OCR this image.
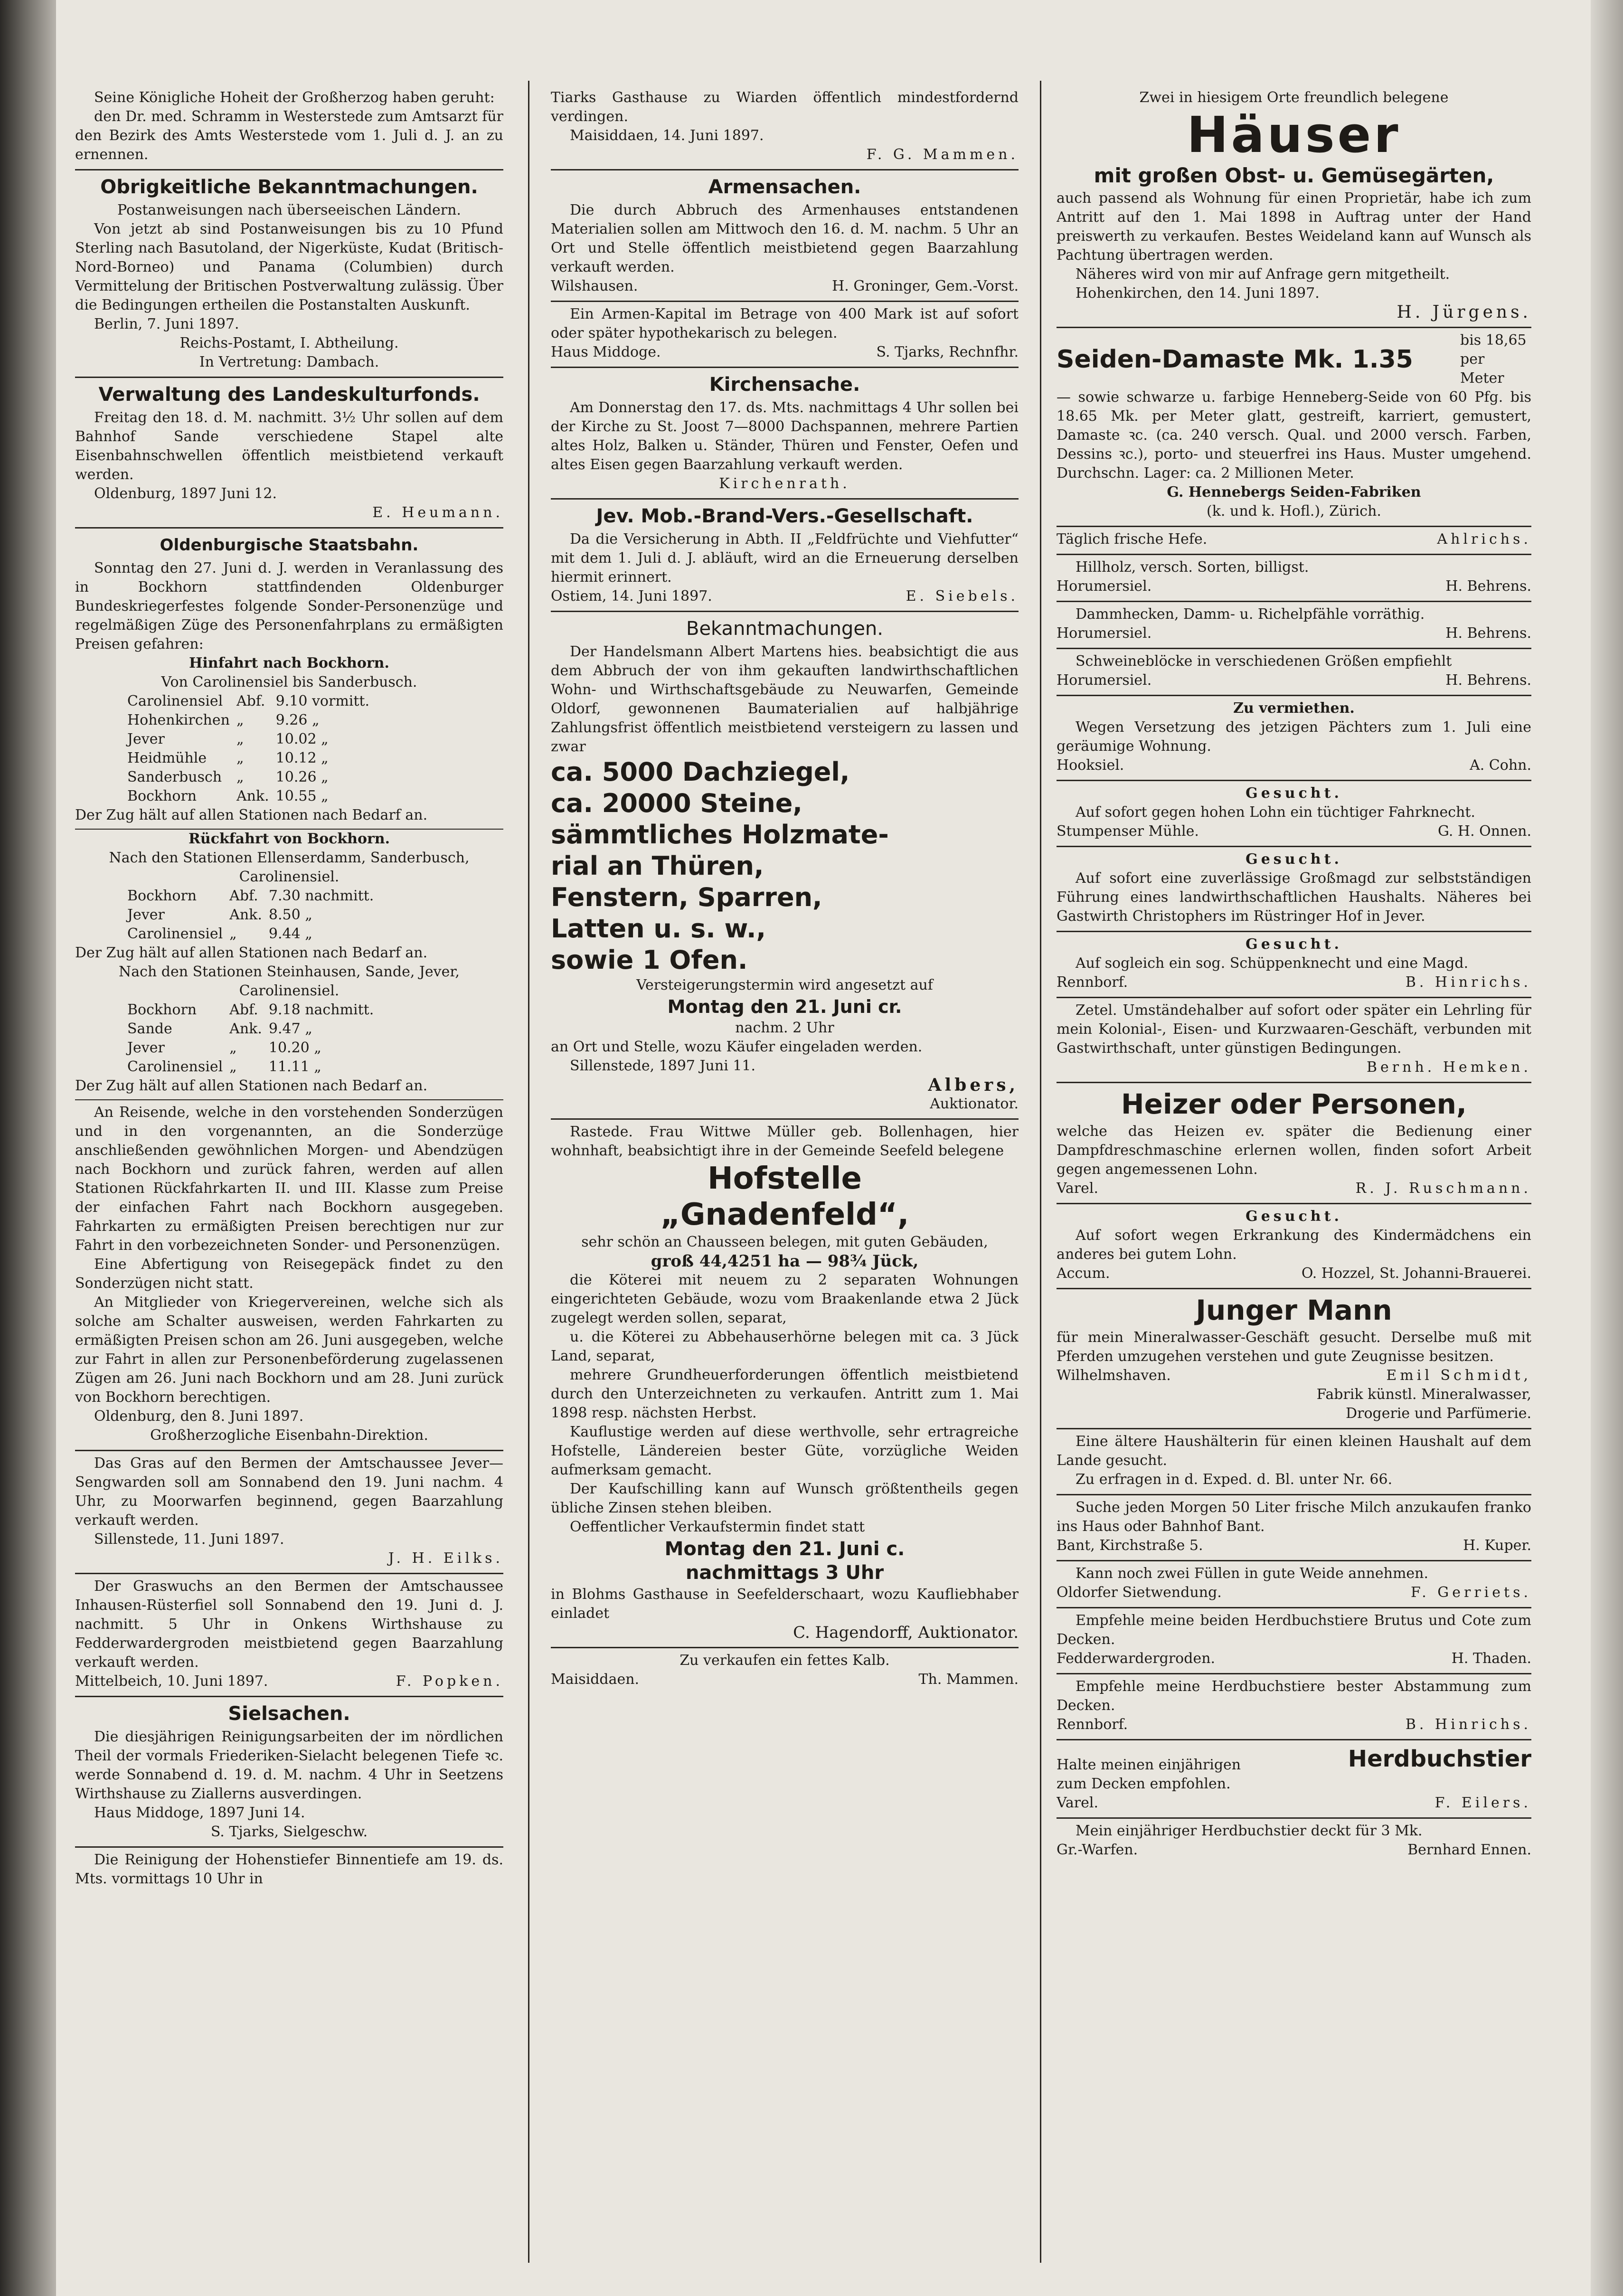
Seine Königliche Hoheit der Großherzog haben geruht:

den Dr. med. Schramm in Westerstede zum Amtsarzt für den Bezirk des Amts Westerstede vom 1. Juli d. J. an zu ernennen.

Obrigkeitliche Bekanntmachungen.

Postanweisungen nach überseeischen Ländern.

Von jetzt ab sind Postanweisungen bis zu 10 Pfund Sterling nach Basutoland, der Nigerküste, Kudat (Britisch-Nord-Borneo) und Panama (Columbien) durch Vermittelung der Britischen Postverwaltung zulässig. Über die Bedingungen ertheilen die Postanstalten Auskunft.

Berlin, 7. Juni 1897.

Reichs-Postamt, I. Abtheilung.

In Vertretung: Dambach.

Verwaltung des Landeskulturfonds.

Freitag den 18. d. M. nachmitt. 3½ Uhr sollen auf dem Bahnhof Sande verschiedene Stapel alte Eisenbahnschwellen öffentlich meistbietend verkauft werden.

Oldenburg, 1897 Juni 12.

E. Heumann.

Oldenburgische Staatsbahn.

Sonntag den 27. Juni d. J. werden in Veranlassung des in Bockhorn stattfindenden Oldenburger Bundeskriegerfestes folgende Sonder-Personenzüge und regelmäßigen Züge des Personenfahrplans zu ermäßigten Preisen gefahren:

Hinfahrt nach Bockhorn.

Von Carolinensiel bis Sanderbusch.

Carolinensiel	Abf.	9.10 vormitt.
Hohenkirchen	„	9.26 „
Jever	„	10.02 „
Heidmühle	„	10.12 „
Sanderbusch	„	10.26 „
Bockhorn	Ank.	10.55 „

Der Zug hält auf allen Stationen nach Bedarf an.

Rückfahrt von Bockhorn.

Nach den Stationen Ellenserdamm, Sanderbusch, Carolinensiel.

Bockhorn	Abf.	7.30 nachmitt.
Jever	Ank.	8.50 „
Carolinensiel	„	9.44 „

Der Zug hält auf allen Stationen nach Bedarf an.

Nach den Stationen Steinhausen, Sande, Jever, Carolinensiel.

Bockhorn	Abf.	9.18 nachmitt.
Sande	Ank.	9.47 „
Jever	„	10.20 „
Carolinensiel	„	11.11 „

Der Zug hält auf allen Stationen nach Bedarf an.

An Reisende, welche in den vorstehenden Sonderzügen und in den vorgenannten, an die Sonderzüge anschließenden gewöhnlichen Morgen- und Abendzügen nach Bockhorn und zurück fahren, werden auf allen Stationen Rückfahrkarten II. und III. Klasse zum Preise der einfachen Fahrt nach Bockhorn ausgegeben. Fahrkarten zu ermäßigten Preisen berechtigen nur zur Fahrt in den vorbezeichneten Sonder- und Personenzügen.

Eine Abfertigung von Reisegepäck findet zu den Sonderzügen nicht statt.

An Mitglieder von Kriegervereinen, welche sich als solche am Schalter ausweisen, werden Fahrkarten zu ermäßigten Preisen schon am 26. Juni ausgegeben, welche zur Fahrt in allen zur Personenbeförderung zugelassenen Zügen am 26. Juni nach Bockhorn und am 28. Juni zurück von Bockhorn berechtigen.

Oldenburg, den 8. Juni 1897.

Großherzogliche Eisenbahn-Direktion.

Das Gras auf den Bermen der Amtschaussee Jever—Sengwarden soll am Sonnabend den 19. Juni nachm. 4 Uhr, zu Moorwarfen beginnend, gegen Baarzahlung verkauft werden.

Sillenstede, 11. Juni 1897.

J. H. Eilks.

Der Graswuchs an den Bermen der Amtschaussee Inhausen-Rüsterfiel soll Sonnabend den 19. Juni d. J. nachmitt. 5 Uhr in Onkens Wirthshause zu Fedderwardergroden meistbietend gegen Baarzahlung verkauft werden.

Mittelbeich, 10. Juni 1897.	F. Popken.

Sielsachen.

Die diesjährigen Reinigungsarbeiten der im nördlichen Theil der vormals Friederiken-Sielacht belegenen Tiefe ꝛc. werde Sonnabend d. 19. d. M. nachm. 4 Uhr in Seetzens Wirthshause zu Ziallerns ausverdingen.

Haus Middoge, 1897 Juni 14.

S. Tjarks, Sielgeschw.

Die Reinigung der Hohenstiefer Binnentiefe am 19. ds. Mts. vormittags 10 Uhr in

Tiarks Gasthause zu Wiarden öffentlich mindestfordernd verdingen.

Maisiddaen, 14. Juni 1897.

F. G. Mammen.

Armensachen.

Die durch Abbruch des Armenhauses entstandenen Materialien sollen am Mittwoch den 16. d. M. nachm. 5 Uhr an Ort und Stelle öffentlich meistbietend gegen Baarzahlung verkauft werden.

Wilshausen.	H. Groninger, Gem.-Vorst.

Ein Armen-Kapital im Betrage von 400 Mark ist auf sofort oder später hypothekarisch zu belegen.

Haus Middoge.	S. Tjarks, Rechnfhr.

Kirchensache.

Am Donnerstag den 17. ds. Mts. nachmittags 4 Uhr sollen bei der Kirche zu St. Joost 7—8000 Dachspannen, mehrere Partien altes Holz, Balken u. Ständer, Thüren und Fenster, Oefen und altes Eisen gegen Baarzahlung verkauft werden.

Kirchenrath.

Jev. Mob.-Brand-Vers.-Gesellschaft.

Da die Versicherung in Abth. II „Feldfrüchte und Viehfutter“ mit dem 1. Juli d. J. abläuft, wird an die Erneuerung derselben hiermit erinnert.

Ostiem, 14. Juni 1897.	E. Siebels.

Bekanntmachungen.

Der Handelsmann Albert Martens hies. beabsichtigt die aus dem Abbruch der von ihm gekauften landwirthschaftlichen Wohn- und Wirthschaftsgebäude zu Neuwarfen, Gemeinde Oldorf, gewonnenen Baumaterialien auf halbjährige Zahlungsfrist öffentlich meistbietend versteigern zu lassen und zwar

ca. 5000 Dachziegel,

ca. 20000 Steine,

sämmtliches Holzmate-

rial an Thüren,

Fenstern, Sparren,

Latten u. s. w.,

sowie 1 Ofen.

Versteigerungstermin wird angesetzt auf

Montag den 21. Juni cr.

nachm. 2 Uhr

an Ort und Stelle, wozu Käufer eingeladen werden.

Sillenstede, 1897 Juni 11.

Albers,

Auktionator.

Rastede. Frau Wittwe Müller geb. Bollenhagen, hier wohnhaft, beabsichtigt ihre in der Gemeinde Seefeld belegene

Hofstelle

„Gnadenfeld“,

sehr schön an Chausseen belegen, mit guten Gebäuden,

groß 44,4251 ha — 98¾ Jück,

die Köterei mit neuem zu 2 separaten Wohnungen eingerichteten Gebäude, wozu vom Braakenlande etwa 2 Jück zugelegt werden sollen, separat,

u. die Köterei zu Abbehauserhörne belegen mit ca. 3 Jück Land, separat,

mehrere Grundheuerforderungen öffentlich meistbietend durch den Unterzeichneten zu verkaufen. Antritt zum 1. Mai 1898 resp. nächsten Herbst.

Kauflustige werden auf diese werthvolle, sehr ertragreiche Hofstelle, Ländereien bester Güte, vorzügliche Weiden aufmerksam gemacht.

Der Kaufschilling kann auf Wunsch größtentheils gegen übliche Zinsen stehen bleiben.

Oeffentlicher Verkaufstermin findet statt

Montag den 21. Juni c.

nachmittags 3 Uhr

in Blohms Gasthause in Seefelderschaart, wozu Kaufliebhaber einladet

C. Hagendorff, Auktionator.

Zu verkaufen ein fettes Kalb.

Maisiddaen.	Th. Mammen.

Zwei in hiesigem Orte freundlich belegene

Häuser

mit großen Obst- u. Gemüsegärten,

auch passend als Wohnung für einen Proprietär, habe ich zum Antritt auf den 1. Mai 1898 in Auftrag unter der Hand preiswerth zu verkaufen. Bestes Weideland kann auf Wunsch als Pachtung übertragen werden.

Näheres wird von mir auf Anfrage gern mitgetheilt.

Hohenkirchen, den 14. Juni 1897.

H. Jürgens.

Seiden-Damaste Mk. 1.35
bis 18,65 per Meter

— sowie schwarze u. farbige Henneberg-Seide von 60 Pfg. bis 18.65 Mk. per Meter glatt, gestreift, karriert, gemustert, Damaste ꝛc. (ca. 240 versch. Qual. und 2000 versch. Farben, Dessins ꝛc.), porto- und steuerfrei ins Haus. Muster umgehend. Durchschn. Lager: ca. 2 Millionen Meter.

G. Hennebergs Seiden-Fabriken

(k. und k. Hofl.), Zürich.

Täglich frische Hefe.	Ahlrichs.

Hillholz, versch. Sorten, billigst.

Horumersiel.	H. Behrens.

Dammhecken, Damm- u. Richelpfähle vorräthig.

Horumersiel.	H. Behrens.

Schweineblöcke in verschiedenen Größen empfiehlt

Horumersiel.	H. Behrens.

Zu vermiethen.

Wegen Versetzung des jetzigen Pächters zum 1. Juli eine geräumige Wohnung.

Hooksiel.	A. Cohn.

Gesucht.

Auf sofort gegen hohen Lohn ein tüchtiger Fahrknecht.

Stumpenser Mühle.	G. H. Onnen.

Gesucht.

Auf sofort eine zuverlässige Großmagd zur selbstständigen Führung eines landwirthschaftlichen Haushalts. Näheres bei Gastwirth Christophers im Rüstringer Hof in Jever.

Gesucht.

Auf sogleich ein sog. Schüppenknecht und eine Magd.

Rennborf.	B. Hinrichs.

Zetel. Umständehalber auf sofort oder später ein Lehrling für mein Kolonial-, Eisen- und Kurzwaaren-Geschäft, verbunden mit Gastwirthschaft, unter günstigen Bedingungen.

Bernh. Hemken.

Heizer oder Personen,

welche das Heizen ev. später die Bedienung einer Dampfdreschmaschine erlernen wollen, finden sofort Arbeit gegen angemessenen Lohn.

Varel.	R. J. Ruschmann.

Gesucht.

Auf sofort wegen Erkrankung des Kindermädchens ein anderes bei gutem Lohn.

Accum.	O. Hozzel, St. Johanni-Brauerei.

Junger Mann

für mein Mineralwasser-Geschäft gesucht. Derselbe muß mit Pferden umzugehen verstehen und gute Zeugnisse besitzen.

Wilhelmshaven.	Emil Schmidt,

Fabrik künstl. Mineralwasser,

Drogerie und Parfümerie.

Eine ältere Haushälterin für einen kleinen Haushalt auf dem Lande gesucht.

Zu erfragen in d. Exped. d. Bl. unter Nr. 66.

Suche jeden Morgen 50 Liter frische Milch anzukaufen franko ins Haus oder Bahnhof Bant.

Bant, Kirchstraße 5.	H. Kuper.

Kann noch zwei Füllen in gute Weide annehmen.

Oldorfer Sietwendung.	F. Gerriets.

Empfehle meine beiden Herdbuchstiere Brutus und Cote zum Decken.

Fedderwardergroden.	H. Thaden.

Empfehle meine Herdbuchstiere bester Abstammung zum Decken.

Rennborf.	B. Hinrichs.
Halte meinen einjährigen	Herdbuchstier

zum Decken empfohlen.

Varel.	F. Eilers.

Mein einjähriger Herdbuchstier deckt für 3 Mk.

Gr.-Warfen.	Bernhard Ennen.
